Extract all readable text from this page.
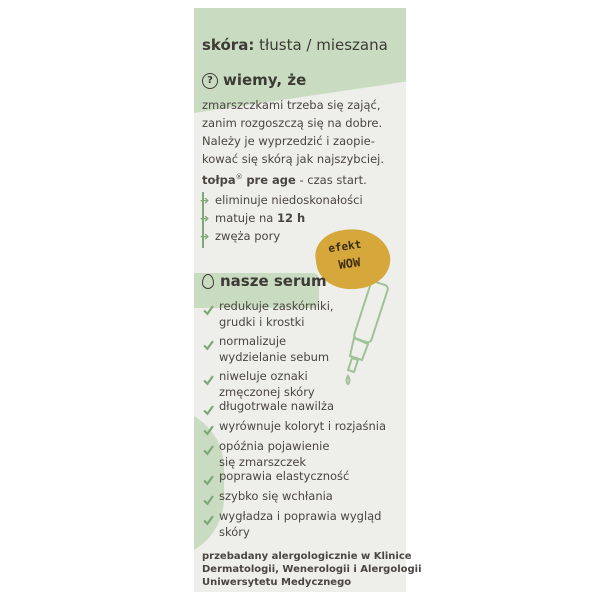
skóra: tłusta / mieszana
? wiemy, że

zmarszczkami trzeba się zająć,

zanim rozgoszczą się na dobre.

Należy je wyprzedzić i zaopie-

kować się skórą jak najszybciej.

tołpa® pre age - czas start.

➔ eliminuje niedoskonałości
➔ matuje na 12 h
➔ zwęża pory
efekt
WOW
nasze serum

redukuje zaskórniki,

grudki i krostki

normalizuje

wydzielanie sebum

niweluje oznaki

zmęczonej skóry

długotrwale nawilża

wyrównuje koloryt i rozjaśnia

opóźnia pojawienie

się zmarszczek

poprawia elastyczność

szybko się wchłania

wygładza i poprawia wygląd

skóry

przebadany alergologicznie w Klinice

Dermatologii, Wenerologii i Alergologii

Uniwersytetu Medycznego
